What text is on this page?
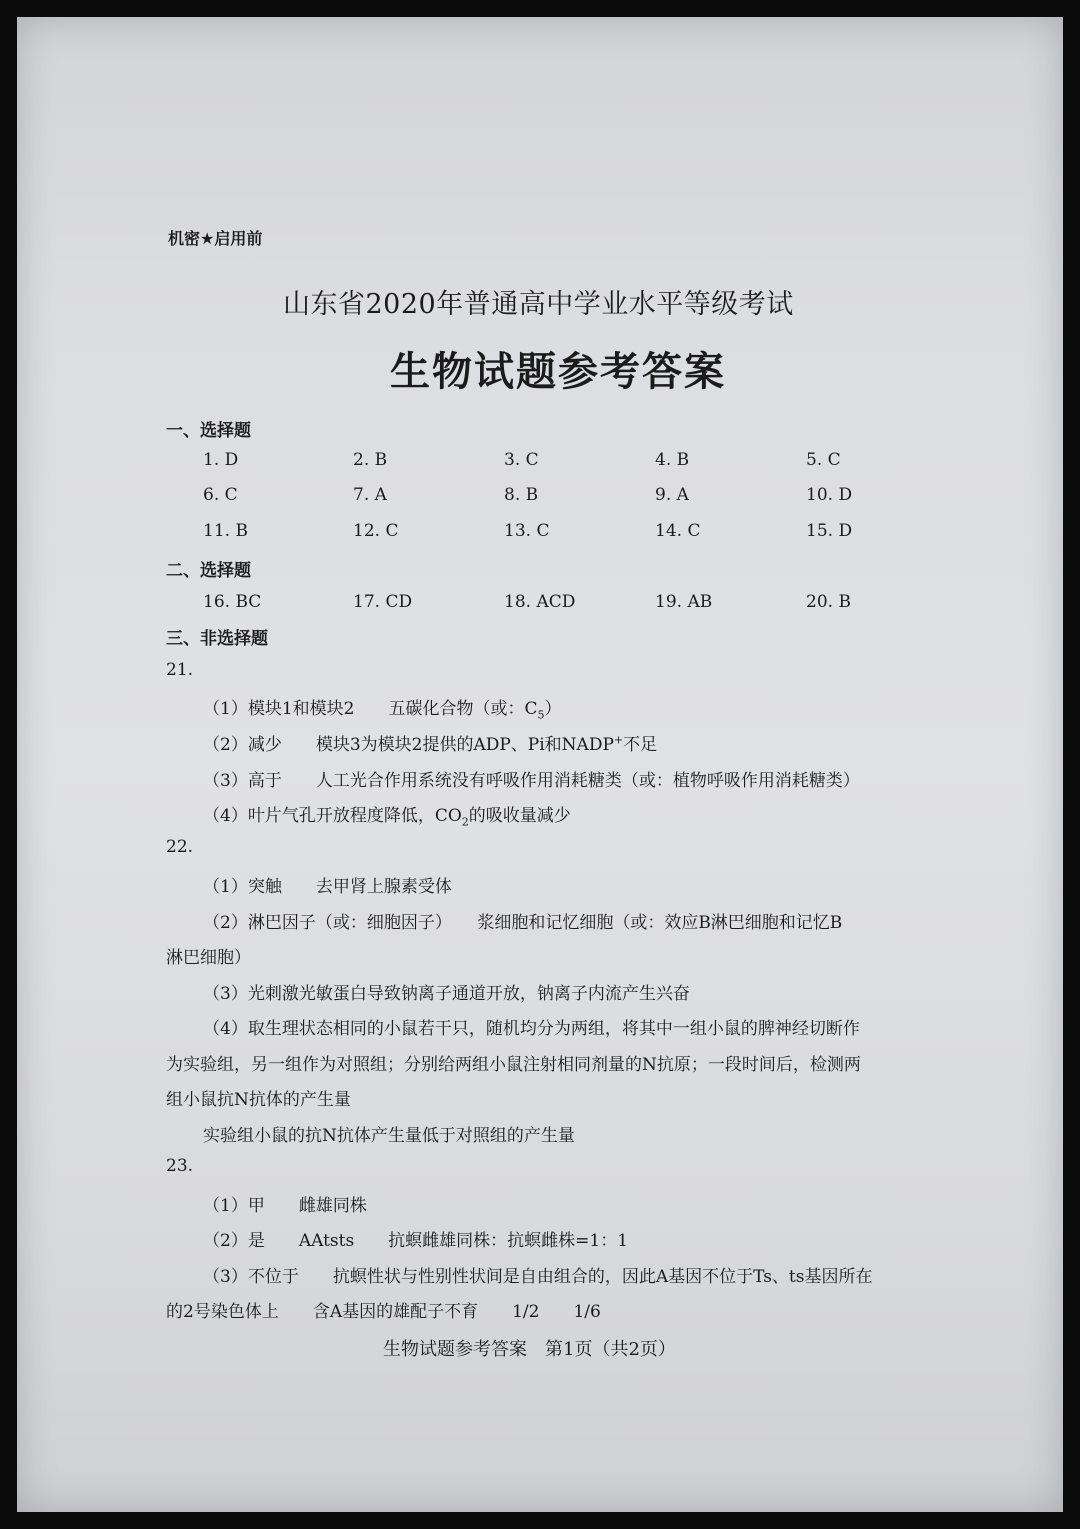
机密★启用前
山东省2020年普通高中学业水平等级考试
生物试题参考答案
一、选择题
1. D	2. B	3. C	4. B	5. C
6. C	7. A	8. B	9. A	10. D
11. B	12. C	13. C	14. C	15. D
二、选择题
16. BC	17. CD	18. ACD	19. AB	20. B
三、非选择题
21.
（1）模块1和模块2　　五碳化合物（或：$C_5$）
（2）减少　　模块3为模块2提供的ADP、Pi和NADP+不足
（3）高于　　人工光合作用系统没有呼吸作用消耗糖类（或：植物呼吸作用消耗糖类）
（4）叶片气孔开放程度降低，$CO_2$的吸收量减少
22.
（1）突触　　去甲肾上腺素受体
（2）淋巴因子（或：细胞因子）　　浆细胞和记忆细胞（或：效应B淋巴细胞和记忆B
淋巴细胞）
（3）光刺激光敏蛋白导致钠离子通道开放，钠离子内流产生兴奋
（4）取生理状态相同的小鼠若干只，随机均分为两组，将其中一组小鼠的脾神经切断作
为实验组，另一组作为对照组；分别给两组小鼠注射相同剂量的N抗原；一段时间后，检测两
组小鼠抗N抗体的产生量
实验组小鼠的抗N抗体产生量低于对照组的产生量
23.
（1）甲　　雌雄同株
（2）是　　AAtsts　　抗螟雌雄同株：抗螟雌株=1：1
（3）不位于　　抗螟性状与性别性状间是自由组合的，因此A基因不位于Ts、ts基因所在
的2号染色体上　　含A基因的雄配子不育　　1/2　　1/6
生物试题参考答案　第1页（共2页）
